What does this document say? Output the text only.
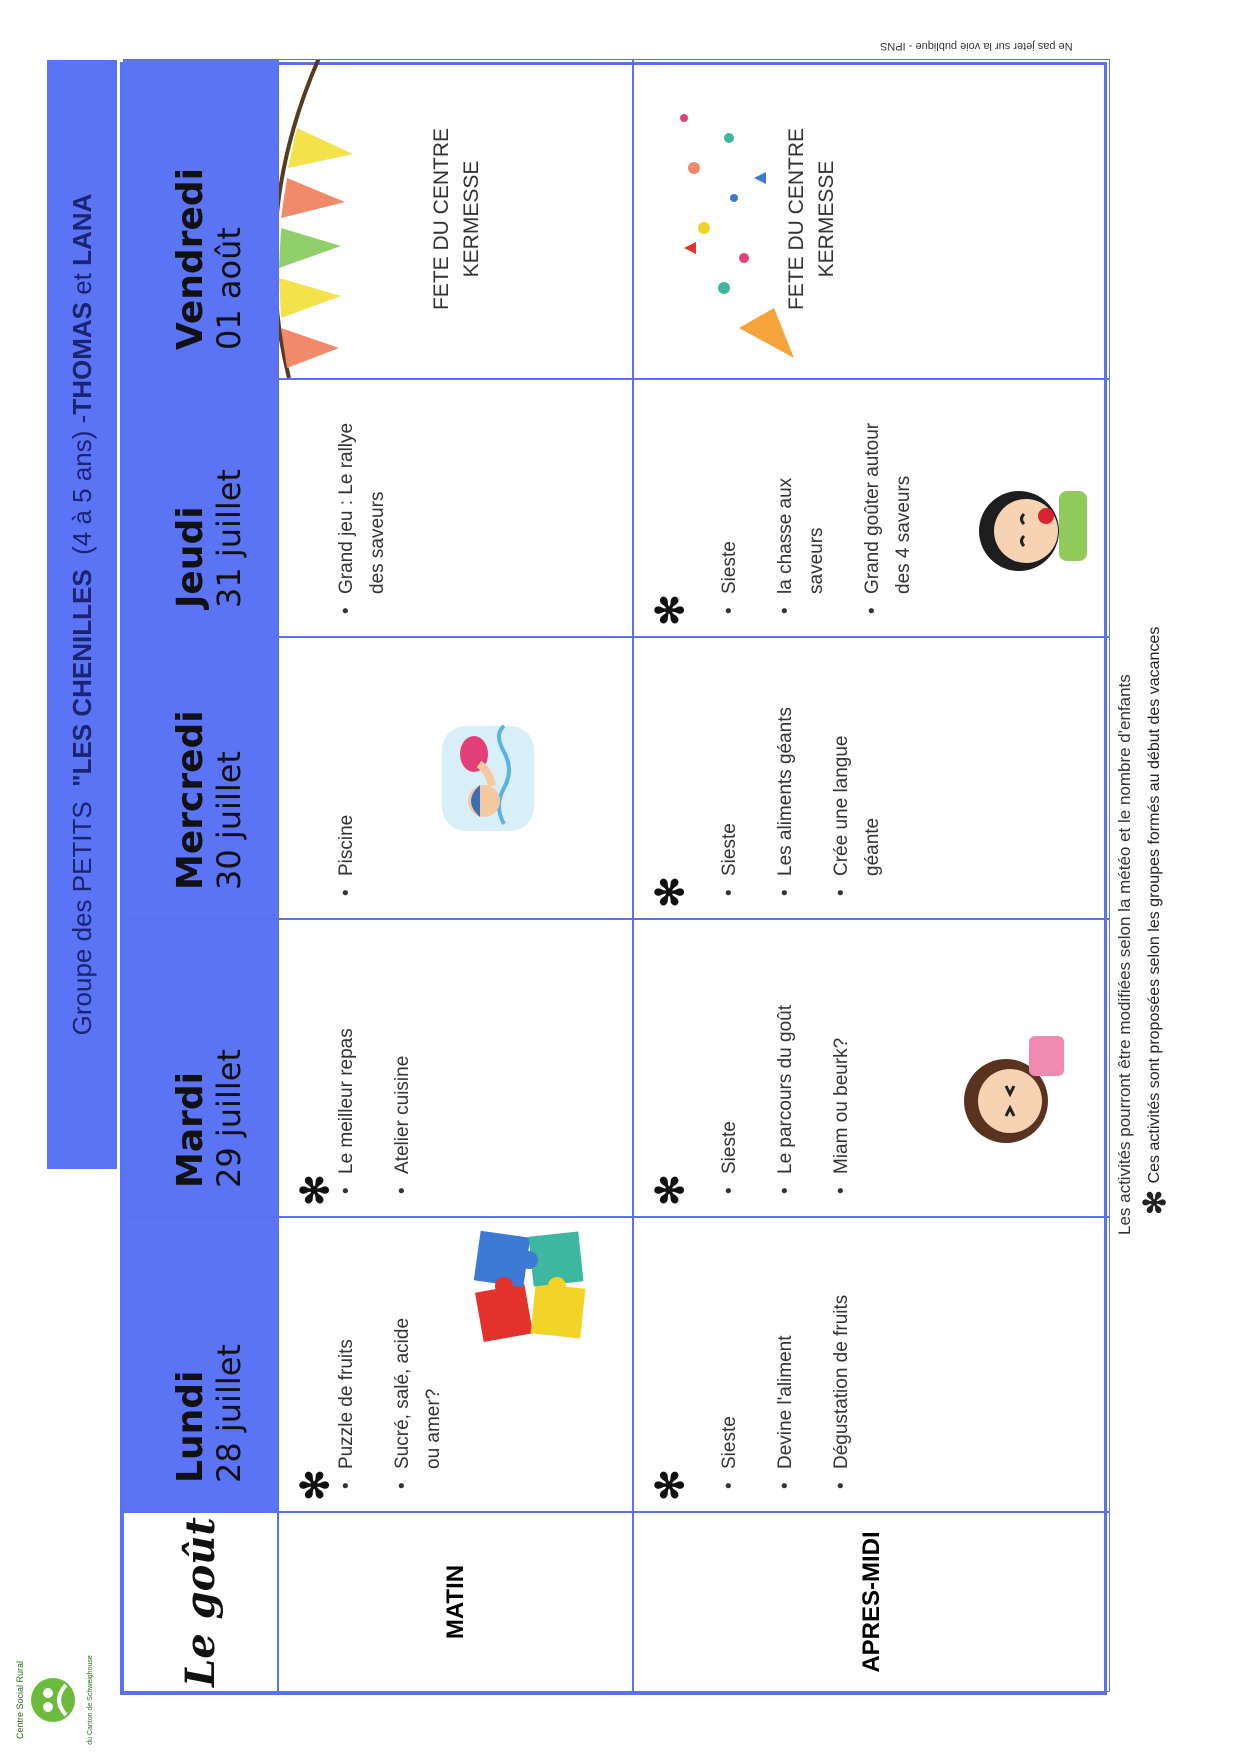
Centre Social Rural	du Canton de Schweighouse
Groupe des PETITS

"LES CHENILLES

(4 à 5 ans) -
THOMAS
et
LANA
Le goût
Lundi 28 juillet
Mardi 29 juillet
Mercredi 30 juillet
Jeudi 31 juillet
Vendredi 01 août
MATIN
✻
• Puzzle de fruits • Sucré, salé, acide ou amer?
✻
• Le meilleur repas • Atelier cuisine
• Piscine
• Grand jeu : Le rallye des saveurs
FETE DU CENTRE KERMESSE
APRES-MIDI
✻
• Sieste • Devine l'aliment • Dégustation de fruits
✻
• Sieste • Le parcours du goût • Miam ou beurk?
✻
• Sieste • Les aliments géants • Crée une langue géante
✻
• Sieste • la chasse aux saveurs • Grand goûter autour des 4 saveurs
FETE DU CENTRE KERMESSE
Les activités pourront être modifiées selon la météo et le nombre d'enfants ✻ Ces activités sont proposées selon les groupes formés au début des vacances
Ne pas jeter sur la voie publique - IPNS
